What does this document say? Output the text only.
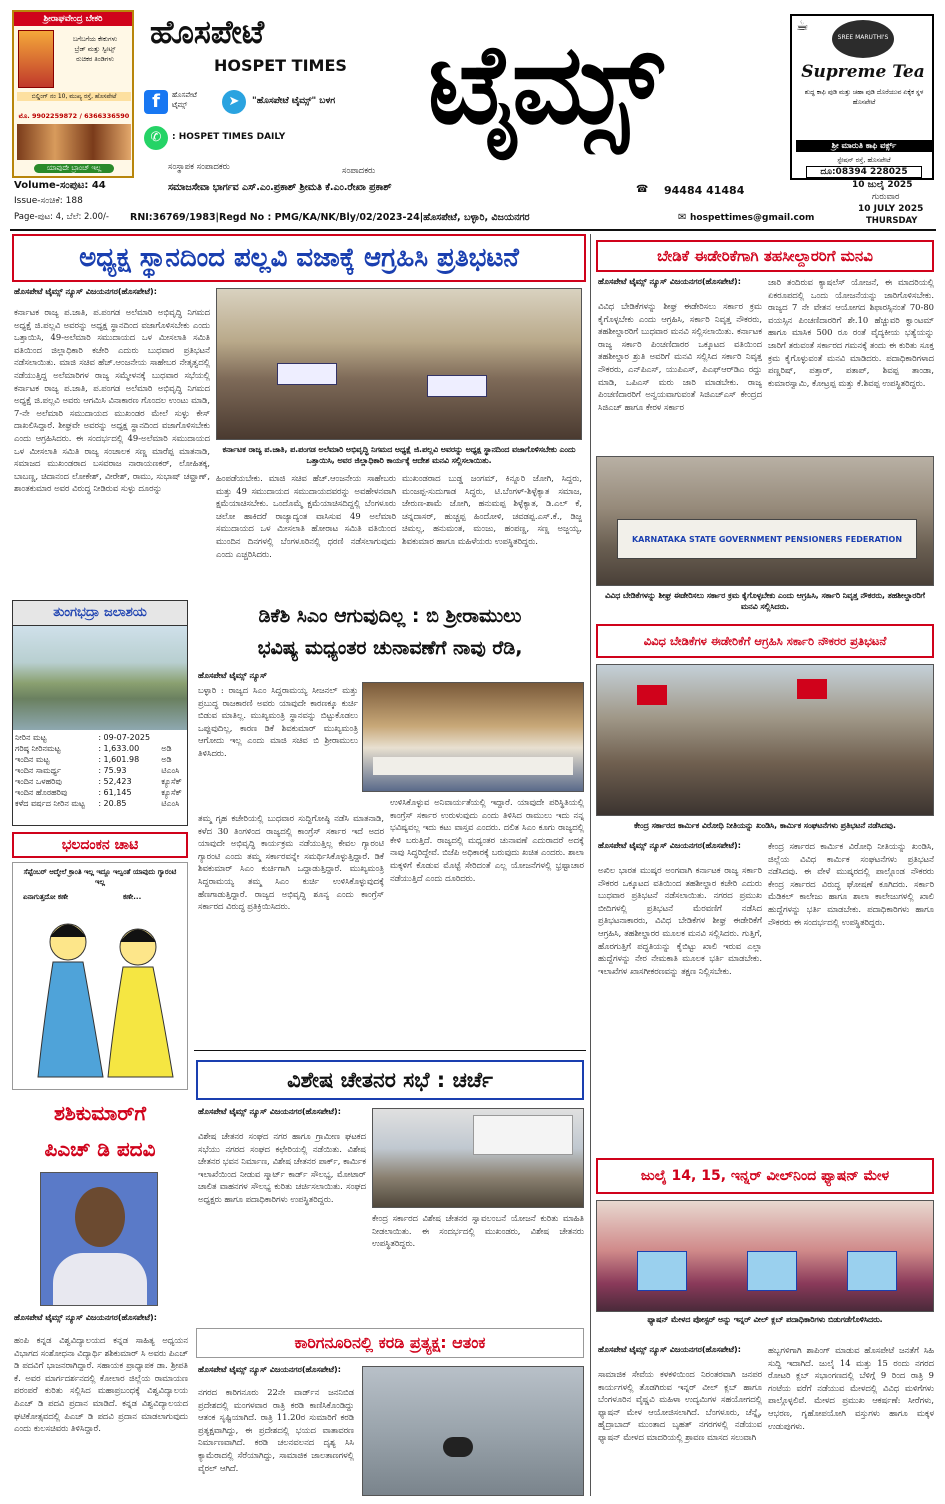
ಶ್ರೀರಾಘವೇಂದ್ರ ಬೇಕರಿ
ಬಗೆಬಗೆಯ ಕೇಕುಗಳು
ಬ್ರೆಡ್ ಮತ್ತು ಸ್ವೀಟ್ಸ್
ರುಚಿಕರ ತಿಂಡಿಗಳು
ಬಿಲ್ಡಿಂಗ್ ನಂ 10, ಮುಖ್ಯ ರಸ್ತೆ, ಹೊಸಪೇಟೆ
ಮೊ. 9902259872 / 6366336590
ಯಾವುದೇ ಬ್ರಾಂಚ್ ಇಲ್ಲ
ಹೊಸಪೇಟೆ
HOSPET TIMES ಟೈಮ್ಸ್
f	ಹೊಸಪೇಟೆ ಟೈಮ್ಸ್	➤	"ಹೊಸಪೇಟೆ ಟೈಮ್ಸ್" ಬಳಗ
✆	: HOSPET TIMES DAILY
☕
SREE MARUTHI'S
Supreme Tea
ಶುದ್ಧ ಕಾಫಿ ಪುಡಿ ಮತ್ತು ಚಹಾ ಪುಡಿ ದೊರೆಯುವ ಏಕೈಕ ಸ್ಥಳ ಹೊಸಪೇಟೆ
ಶ್ರೀ ಮಾರುತಿ ಕಾಫಿ ವರ್ಕ್ಸ್
ಸ್ಟೇಷನ್ ರಸ್ತೆ, ಹೊಸಪೇಟೆ
ದೂ:08394 228025
ಸಂಸ್ಥಾಪಕ ಸಂಪಾದಕರು	ಸಂಪಾದಕರು
Volume-ಸಂಪುಟ: 44	ಸಮಾಜಸೇವಾ ಭಾರ್ಗವ ಎಸ್.ಎಂ.ಪ್ರಕಾಶ್ ಶ್ರೀಮತಿ ಕೆ.ಎಂ.ರೇಖಾ ಪ್ರಕಾಶ್	☎ 94484 41484	10 ಜುಲೈ 2025
Issue-ಸಂಚಿಕೆ: 188	ಗುರುವಾರ
10 JULY 2025
Page-ಪುಟ: 4, ಬೆಲೆ: 2.00/- RNI:36769/1983|Regd No : PMG/KA/NK/Bly/02/2023-24|ಹೊಸಪೇಟೆ, ಬಳ್ಳಾರಿ, ವಿಜಯನಗರ	✉ hospettimes@gmail.com	THURSDAY
ಅಧ್ಯಕ್ಷ ಸ್ಥಾನದಿಂದ ಪಲ್ಲವಿ ವಜಾಕ್ಕೆ ಆಗ್ರಹಿಸಿ ಪ್ರತಿಭಟನೆ
ಹೊಸಪೇಟೆ ಟೈಮ್ಸ್ ನ್ಯೂಸ್ ವಿಜಯನಗರ(ಹೊಸಪೇಟೆ):
ಕರ್ನಾಟಕ ರಾಜ್ಯ ಪ.ಜಾತಿ, ಪ.ಪಂಗಡ ಅಲೆಮಾರಿ ಅಭಿವೃದ್ಧಿ ನಿಗಮದ ಅಧ್ಯಕ್ಷೆ ಜಿ.ಪಲ್ಲವಿ ಅವರನ್ನು ಅಧ್ಯಕ್ಷ ಸ್ಥಾನದಿಂದ ವಜಾಗೊಳಿಸಬೇಕು ಎಂದು ಒತ್ತಾಯಿಸಿ, 49-ಅಲೆಮಾರಿ ಸಮುದಾಯದ ಒಳ ಮೀಸಲಾತಿ ಸಮಿತಿ ವತಿಯಿಂದ ಜಿಲ್ಲಾಧಿಕಾರಿ ಕಚೇರಿ ಎದುರು ಬುಧವಾರ ಪ್ರತಿಭಟನೆ ನಡೆಸಲಾಯಿತು. ಮಾಜಿ ಸಚಿವ ಹೆಚ್.ಆಂಜನೇಯ ಸಾಹೇಬರ ನೇತೃತ್ವದಲ್ಲಿ ನಡೆಯುತ್ತಿದ್ದ ಅಲೆಮಾರಿಗಳ ರಾಜ್ಯ ಸಮ್ಮೇಳನಕ್ಕೆ ಬುಧವಾರ ಸಭೆಯಲ್ಲಿ ಕರ್ನಾಟಕ ರಾಜ್ಯ ಪ.ಜಾತಿ, ಪ.ಪಂಗಡ ಅಲೆಮಾರಿ ಅಭಿವೃದ್ಧಿ ನಿಗಮದ ಅಧ್ಯಕ್ಷೆ ಜಿ.ಪಲ್ಲವಿ ಅವರು ಆಗಮಿಸಿ ವಿನಾಕಾರಣ ಗೊಂದಲ ಉಂಟು ಮಾಡಿ, 7-ನೇ ಅಲೆಮಾರಿ ಸಮುದಾಯದ ಮುಖಂಡರ ಮೇಲೆ ಸುಳ್ಳು ಕೇಸ್ ದಾಖಲಿಸಿದ್ದಾರೆ. ಶೀಘ್ರವೇ ಅವರನ್ನು ಅಧ್ಯಕ್ಷ ಸ್ಥಾನದಿಂದ ವಜಾಗೊಳಿಸಬೇಕು ಎಂದು ಆಗ್ರಹಿಸಿದರು. ಈ ಸಂದರ್ಭದಲ್ಲಿ 49-ಅಲೆಮಾರಿ ಸಮುದಾಯದ ಒಳ ಮೀಸಲಾತಿ ಸಮಿತಿ ರಾಜ್ಯ ಸಂಚಾಲಕ ಸಣ್ಣ ಮಾರೆಪ್ಪ ಮಾತನಾಡಿ, ಸಮಾಜದ ಮುಖಂಡರಾದ ಬಸವರಾಜ ನಾರಾಯಣಕರ್, ಲೋಹಿತಕ್ಕ, ಬಾಬಣ್ಣ, ಚಿದಾನಂದ ಲೋಕೇಶ್, ವೀರೇಶ್, ರಾಮು, ಸುಭಾಷ್ ಚವ್ಹಾಣ್, ಶಾಂತಕುಮಾರ ಅವರ ವಿರುದ್ಧ ನೀಡಿರುವ ಸುಳ್ಳು ದೂರನ್ನು
ಕರ್ನಾಟಕ ರಾಜ್ಯ ಪ.ಜಾತಿ, ಪ.ಪಂಗಡ ಅಲೆಮಾರಿ ಅಭಿವೃದ್ಧಿ ನಿಗಮದ ಅಧ್ಯಕ್ಷೆ ಜಿ.ಪಲ್ಲವಿ ಅವರನ್ನು ಅಧ್ಯಕ್ಷ ಸ್ಥಾನದಿಂದ ವಜಾಗೊಳಿಸಬೇಕು ಎಂದು ಒತ್ತಾಯಿಸಿ, ಅವರ ಜಿಲ್ಲಾಧಿಕಾರಿ ಕಾರ್ಯಕ್ಕೆ ಆದೇಶ ಮನವಿ ಸಲ್ಲಿಸಲಾಯಿತು.
ಹಿಂಪಡೆಯಬೇಕು. ಮಾಜಿ ಸಚಿವ ಹೆಚ್.ಆಂಜನೇಯ ಸಾಹೇಬರು ಮತ್ತು 49 ಸಮುದಾಯದ ಸಮುದಾಯದವರನ್ನು ಅವಹೇಳನವಾಗಿ ಕ್ಷಮೆಯಾಚಿಸಬೇಕು. ಒಂದೊಮ್ಮೆ ಕ್ಷಮೆಯಾಚಿಸದಿದ್ದಲ್ಲಿ ಬೆಂಗಳೂರು ಚಲೋ ಹಾಕಿದರೆ ರಾಜ್ಯಾದ್ಯಂತ ವಾಸಿಸುವ 49 ಅಲೆಮಾರಿ ಸಮುದಾಯದ ಒಳ ಮೀಸಲಾತಿ ಹೋರಾಟ ಸಮಿತಿ ವತಿಯಿಂದ ಮುಂದಿನ ದಿನಗಳಲ್ಲಿ ಬೆಂಗಳೂರಿನಲ್ಲಿ ಧರಣಿ ನಡೆಸಲಾಗುವುದು ಎಂದು ಎಚ್ಚರಿಸಿದರು.
ಮುಖಂಡರಾದ ಬುಡ್ಡ ಜಂಗಮ್, ಕಿನ್ನೂರಿ ಜೋಗಿ, ಸಿದ್ದರು, ಮಂಜಪ್ಪ-ಸುದುಗಾಡ ಸಿದ್ಧರು, ಟಿ.ಬೆಂಗಳ್-ಶಿಳ್ಳೆಕ್ಯಾತ ಸಮಾಜ, ಜೇರುಣ-ಶಾಮೆ ಜೋಗಿ, ಹನುಮಪ್ಪ ಶಿಳ್ಳೆಕ್ಯಾತ, ಡಿ.ಎಲ್ ಕೆ, ಚನ್ನದಾಸರ್, ಹುಚ್ಚಪ್ಪ ಹಿಂದೋಳಿ, ಚವಡಪ್ಪ.ಎಸ್.ಕೆ., ಡಿಜ್ಜ ಚಿಮಲ್ಲ, ಹನುಮಂತ, ಮಂಜು, ಹಂಪಣ್ಣ, ಸಣ್ಣ ಅಜ್ಜಯ್ಯ, ಶಿವಕುಮಾರ ಹಾಗೂ ಮಹಿಳೆಯರು ಉಪಸ್ಥಿತರಿದ್ದರು.
ಬೇಡಿಕೆ ಈಡೇರಿಕೆಗಾಗಿ ತಹಸೀಲ್ದಾರರಿಗೆ ಮನವಿ
ಹೊಸಪೇಟೆ ಟೈಮ್ಸ್ ನ್ಯೂಸ್ ವಿಜಯನಗರ(ಹೊಸಪೇಟೆ):
ವಿವಿಧ ಬೇಡಿಕೆಗಳನ್ನು ಶೀಘ್ರ ಈಡೇರಿಸಲು ಸರ್ಕಾರ ಕ್ರಮ ಕೈಗೊಳ್ಳಬೇಕು ಎಂದು ಆಗ್ರಹಿಸಿ, ಸರ್ಕಾರಿ ನಿವೃತ್ತ ನೌಕರರು, ತಹಶೀಲ್ದಾರರಿಗೆ ಬುಧವಾರ ಮನವಿ ಸಲ್ಲಿಸಲಾಯಿತು. ಕರ್ನಾಟಕ ರಾಜ್ಯ ಸರ್ಕಾರಿ ಪಿಂಚಣಿದಾರರ ಒಕ್ಕೂಟದ ವತಿಯಿಂದ ತಹಶೀಲ್ದಾರ ಶ್ರುತಿ ಅವರಿಗೆ ಮನವಿ ಸಲ್ಲಿಸಿದ ಸರ್ಕಾರಿ ನಿವೃತ್ತ ನೌಕರರು, ಎನ್‌ಪಿಎಸ್, ಯುಪಿಎಸ್, ಪಿಎಫ್‌ಆರ್‌ಡಿಎ ರದ್ದು ಮಾಡಿ, ಒಪಿಎಸ್ ಮರು ಜಾರಿ ಮಾಡಬೇಕು. ರಾಜ್ಯ ಪಿಂಚಣಿದಾರರಿಗೆ ಅನ್ವಯವಾಗುವಂತೆ ಸಿಜಿಎಚ್‌ಎಸ್ ಕೇಂದ್ರದ ಸಿಜಿಎಚ್ ಹಾಗೂ ಕೇರಳ ಸರ್ಕಾರ
ಜಾರಿ ತಂದಿರುವ ಕ್ಯಾಷಲೆಸ್ ಯೋಜನೆ, ಈ ಮಾದರಿಯಲ್ಲಿ ಏಕರೂಪದಲ್ಲಿ ಒಂದು ಯೋಜನೆಯನ್ನು ಜಾರಿಗೊಳಿಸಬೇಕು. ರಾಜ್ಯದ 7 ನೇ ವೇತನ ಆಯೋಗದ ಶಿಫಾರಸ್ಸಿನಂತೆ 70-80 ವಯಸ್ಸಿನ ಪಿಂಚಣಿದಾರರಿಗೆ ಶೇ.10 ಹೆಚ್ಚುವರಿ ಕ್ವಾಂಟಮ್ ಹಾಗೂ ಮಾಸಿಕ 500 ರೂ ರಂತೆ ವೈದ್ಯಕೀಯ ಭತ್ಯೆಯನ್ನು ಜಾರಿಗೆ ತರುವಂತೆ ಸರ್ಕಾರದ ಗಮನಕ್ಕೆ ತಂದು ಈ ಕುರಿತು ಸೂಕ್ತ ಕ್ರಮ ಕೈಗೊಳ್ಳುವಂತೆ ಮನವಿ ಮಾಡಿದರು. ಪದಾಧಿಕಾರಿಗಳಾದ ಪಣ್ಣರಿಷ್, ಪತ್ತಾರ್, ಪತಾಪ್, ಶಿವಪ್ಪ ತಾಂಡಾ, ಕುಮಾರಸ್ವಾಮಿ, ಕೋಟ್ರಪ್ಪ ಮತ್ತು ಕೆ.ಶಿವಪ್ಪ ಉಪಸ್ಥಿತರಿದ್ದರು.
KARNATAKA STATE GOVERNMENT PENSIONERS FEDERATION
ವಿವಿಧ ಬೇಡಿಕೆಗಳನ್ನು ಶೀಘ್ರ ಈಡೇರಿಸಲು ಸರ್ಕಾರ ಕ್ರಮ ಕೈಗೊಳ್ಳಬೇಕು ಎಂದು ಆಗ್ರಹಿಸಿ, ಸರ್ಕಾರಿ ನಿವೃತ್ತ ನೌಕರರು, ತಹಶೀಲ್ದಾರರಿಗೆ ಮನವಿ ಸಲ್ಲಿಸಿದರು.
ವಿವಿಧ ಬೇಡಿಕೆಗಳ ಈಡೇರಿಕೆಗೆ ಆಗ್ರಹಿಸಿ ಸರ್ಕಾರಿ ನೌಕರರ ಪ್ರತಿಭಟನೆ
ಕೇಂದ್ರ ಸರ್ಕಾರದ ಕಾರ್ಮಿಕ ವಿರೋಧಿ ನೀತಿಯನ್ನು ಖಂಡಿಸಿ, ಕಾರ್ಮಿಕ ಸಂಘಟನೆಗಳು ಪ್ರತಿಭಟನೆ ನಡೆಸಿದವು.
ಹೊಸಪೇಟೆ ಟೈಮ್ಸ್ ನ್ಯೂಸ್ ವಿಜಯನಗರ(ಹೊಸಪೇಟೆ):
ಅಖಿಲ ಭಾರತ ಮುಷ್ಕರ ಅಂಗವಾಗಿ ಕರ್ನಾಟಕ ರಾಜ್ಯ ಸರ್ಕಾರಿ ನೌಕರರ ಒಕ್ಕೂಟದ ವತಿಯಿಂದ ತಹಶೀಲ್ದಾರ ಕಚೇರಿ ಎದುರು ಬುಧವಾರ ಪ್ರತಿಭಟನೆ ನಡೆಸಲಾಯಿತು. ನಗರದ ಪ್ರಮುಖ ಬೀದಿಗಳಲ್ಲಿ ಪ್ರತಿಭಟನೆ ಮೆರವಣಿಗೆ ನಡೆಸಿದ ಪ್ರತಿಭಟನಾಕಾರರು, ವಿವಿಧ ಬೇಡಿಕೆಗಳ ಶೀಘ್ರ ಈಡೇರಿಕೆಗೆ ಆಗ್ರಹಿಸಿ, ತಹಶೀಲ್ದಾರರ ಮೂಲಕ ಮನವಿ ಸಲ್ಲಿಸಿದರು. ಗುತ್ತಿಗೆ, ಹೊರಗುತ್ತಿಗೆ ಪದ್ಧತಿಯನ್ನು ಕೈಬಿಟ್ಟು ಖಾಲಿ ಇರುವ ಎಲ್ಲಾ ಹುದ್ದೆಗಳನ್ನು ನೇರ ನೇಮಕಾತಿ ಮೂಲಕ ಭರ್ತಿ ಮಾಡಬೇಕು. ಇಲಾಖೆಗಳ ಖಾಸಗೀಕರಣವನ್ನು ತಕ್ಷಣ ನಿಲ್ಲಿಸಬೇಕು.
ಕೇಂದ್ರ ಸರ್ಕಾರದ ಕಾರ್ಮಿಕ ವಿರೋಧಿ ನೀತಿಯನ್ನು ಖಂಡಿಸಿ, ಜಿಲ್ಲೆಯ ವಿವಿಧ ಕಾರ್ಮಿಕ ಸಂಘಟನೆಗಳು ಪ್ರತಿಭಟನೆ ನಡೆಸಿದವು. ಈ ವೇಳೆ ಮುಷ್ಕರದಲ್ಲಿ ಪಾಲ್ಗೊಂಡ ನೌಕರರು ಕೇಂದ್ರ ಸರ್ಕಾರದ ವಿರುದ್ಧ ಘೋಷಣೆ ಕೂಗಿದರು. ಸರ್ಕಾರಿ ಮೆಡಿಕಲ್ ಕಾಲೇಜು ಹಾಗೂ ಶಾಲಾ ಕಾಲೇಜುಗಳಲ್ಲಿ ಖಾಲಿ ಹುದ್ದೆಗಳನ್ನು ಭರ್ತಿ ಮಾಡಬೇಕು. ಪದಾಧಿಕಾರಿಗಳು ಹಾಗೂ ನೌಕರರು ಈ ಸಂದರ್ಭದಲ್ಲಿ ಉಪಸ್ಥಿತರಿದ್ದರು.
ಜುಲೈ 14, 15, ಇನ್ನರ್ ವೀಲ್‌ನಿಂದ ಫ್ಯಾಷನ್ ಮೇಳ
ಫ್ಯಾಷನ್ ಮೇಳದ ಪೋಸ್ಟರ್ ಅನ್ನು ಇನ್ನರ್ ವೀಲ್ ಕ್ಲಬ್ ಪದಾಧಿಕಾರಿಗಳು ಬಿಡುಗಡೆಗೊಳಿಸಿದರು.
ಹೊಸಪೇಟೆ ಟೈಮ್ಸ್ ನ್ಯೂಸ್ ವಿಜಯನಗರ(ಹೊಸಪೇಟೆ):
ಸಾಮಾಜಿಕ ಸೇವೆಯ ಕಳಕಳಿಯಿಂದ ನಿರಂತರವಾಗಿ ಜನಪರ ಕಾರ್ಯಗಳಲ್ಲಿ ತೊಡಗಿರುವ ಇನ್ನರ್ ವೀಲ್ ಕ್ಲಬ್ ಹಾಗೂ ಬೆಂಗಳೂರಿನ ವೈಷ್ಣವಿ ಮಹಿಳಾ ಉದ್ಯಮಿಗಳ ಸಹಯೋಗದಲ್ಲಿ ಫ್ಯಾಷನ್ ಮೇಳ ಆಯೋಜಿಸಲಾಗಿದೆ. ಬೆಂಗಳೂರು, ಚೆನ್ನೈ, ಹೈದ್ರಾಬಾದ್ ಮುಂತಾದ ಬೃಹತ್ ನಗರಗಳಲ್ಲಿ ನಡೆಯುವ ಫ್ಯಾಷನ್ ಮೇಳದ ಮಾದರಿಯಲ್ಲಿ ಶ್ರಾವಣ ಮಾಸದ ಸಲುವಾಗಿ
ಹಬ್ಬಗಳಿಗಾಗಿ ಶಾಪಿಂಗ್ ಮಾಡುವ ಹೊಸಪೇಟೆ ಜನತೆಗೆ ಸಿಹಿ ಸುದ್ದಿ ಇದಾಗಿದೆ. ಜುಲೈ 14 ಮತ್ತು 15 ರಂದು ನಗರದ ರೋಟರಿ ಕ್ಲಬ್ ಸಭಾಂಗಣದಲ್ಲಿ ಬೆಳಿಗ್ಗೆ 9 ರಿಂದ ರಾತ್ರಿ 9 ಗಂಟೆಯ ವರೆಗೆ ನಡೆಯುವ ಮೇಳದಲ್ಲಿ ವಿವಿಧ ಮಳಿಗೆಗಳು ಪಾಲ್ಗೊಳ್ಳಲಿವೆ. ಮೇಳದ ಪ್ರಮುಖ ಆಕರ್ಷಣೆ: ಸೀರೆಗಳು, ಆಭರಣ, ಗೃಹೋಪಯೋಗಿ ವಸ್ತುಗಳು ಹಾಗೂ ಮಕ್ಕಳ ಉಡುಪುಗಳು.
ತುಂಗಭದ್ರಾ ಜಲಾಶಯ
ನೀರಿನ ಮಟ್ಟ	: 09-07-2025	
ಗರಿಷ್ಠ ನೀರಿನಮಟ್ಟ	: 1,633.00	ಅಡಿ
ಇಂದಿನ ಮಟ್ಟ	: 1,601.98	ಅಡಿ
ಇಂದಿನ ಸಾಮರ್ಥ್ಯ	: 75.93	ಟಿಎಂಸಿ
ಇಂದಿನ ಒಳಹರಿವು	: 52,423	ಕ್ಯೂಸೆಕ್
ಇಂದಿನ ಹೊರಹರಿವು	: 61,145	ಕ್ಯೂಸೆಕ್
ಕಳೆದ ವರ್ಷದ ನೀರಿನ ಮಟ್ಟ	: 20.85	ಟಿಎಂಸಿ
ಭಲದಂಕನ ಚಾಟಿ
ಸೆಪ್ಟೆಂಬರ್ ಆದ್ಮೇಲೆ ಕ್ರಾಂತಿ ಇಲ್ಲ ಇದ್ದೂ ಇಲ್ವಂತೆ ಯಾವುದು ಗ್ಯಾರಂಟಿ ಇಲ್ಲ
ಏನಾಗುತ್ತದೋ ಕಣೇ	ಕಣೇ...
ಡಿಕೆಶಿ ಸಿಎಂ ಆಗುವುದಿಲ್ಲ : ಬಿ ಶ್ರೀರಾಮುಲು
ಭವಿಷ್ಯ ಮಧ್ಯಂತರ ಚುನಾವಣೆಗೆ ನಾವು ರೆಡಿ,
ಹೊಸಪೇಟೆ ಟೈಮ್ಸ್ ನ್ಯೂಸ್
ಬಳ್ಳಾರಿ : ರಾಜ್ಯದ ಸಿಎಂ ಸಿದ್ದರಾಮಯ್ಯ ಸೀಜನಲ್ ಮತ್ತು ಪ್ರಬುದ್ಧ ರಾಜಕಾರಣಿ ಅವರು ಯಾವುದೇ ಕಾರಣಕ್ಕೂ ಕುರ್ಚಿ ಬಿಡುವ ಮಾತಿಲ್ಲ. ಮುಖ್ಯಮಂತ್ರಿ ಸ್ಥಾನವನ್ನು ಬಿಟ್ಟುಕೊಡಲು ಒಪ್ಪುವುದಿಲ್ಲ, ಕಾರಣ ಡಿಕೆ ಶಿವಕುಮಾರ್ ಮುಖ್ಯಮಂತ್ರಿ ಆಗೋದು ಇಲ್ಲ ಎಂದು ಮಾಜಿ ಸಚಿವ ಬಿ ಶ್ರೀರಾಮುಲು ತಿಳಿಸಿದರು.
ತಮ್ಮ ಗೃಹ ಕಚೇರಿಯಲ್ಲಿ ಬುಧವಾರ ಸುದ್ದಿಗೋಷ್ಠಿ ನಡೆಸಿ ಮಾತನಾಡಿ, ಕಳೆದ 30 ತಿಂಗಳಿಂದ ರಾಜ್ಯದಲ್ಲಿ ಕಾಂಗ್ರೆಸ್ ಸರ್ಕಾರ ಇದೆ ಅದರ ಯಾವುದೇ ಅಭಿವೃದ್ಧಿ ಕಾರ್ಯಕ್ರಮ ನಡೆಯುತ್ತಿಲ್ಲ ಕೇವಲ ಗ್ಯಾರಂಟಿ ಗ್ಯಾರಂಟಿ ಎಂದು ತಮ್ಮ ಸರ್ಕಾರವನ್ನೇ ಸಮರ್ಥಿಸಿಕೊಳ್ಳುತ್ತಿದ್ದಾರೆ. ಡಿಕೆ ಶಿವಕುಮಾರ್ ಸಿಎಂ ಕುರ್ಚಿಗಾಗಿ ಒದ್ದಾಡುತ್ತಿದ್ದಾರೆ. ಮುಖ್ಯಮಂತ್ರಿ ಸಿದ್ದರಾಮಯ್ಯ ತಮ್ಮ ಸಿಎಂ ಕುರ್ಚಿ ಉಳಿಸಿಕೊಳ್ಳುವುದಕ್ಕೆ ಹೆಣಗಾಡುತ್ತಿದ್ದಾರೆ. ರಾಜ್ಯದ ಅಭಿವೃದ್ಧಿ ಶೂನ್ಯ ಎಂದು ಕಾಂಗ್ರೆಸ್ ಸರ್ಕಾರದ ವಿರುದ್ಧ ಪ್ರತಿಕ್ರಿಯಿಸಿದರು.
ಉಳಿಸಿಕೊಳ್ಳುವ ಅನಿವಾರ್ಯತೆಯಲ್ಲಿ ಇದ್ದಾರೆ. ಯಾವುದೇ ಪರಿಸ್ಥಿತಿಯಲ್ಲಿ ಕಾಂಗ್ರೆಸ್ ಸರ್ಕಾರ ಉರುಳುವುದು ಎಂದು ತಿಳಿಸಿದ ರಾಮುಲು ಇದು ನನ್ನ ಭವಿಷ್ಯವಲ್ಲ ಇದು ಕಟು ವಾಸ್ತವ ಎಂದರು. ದಲಿತ ಸಿಎಂ ಕೂಗು ರಾಜ್ಯದಲ್ಲಿ ಕೇಳಿ ಬರುತ್ತಿದೆ. ರಾಜ್ಯದಲ್ಲಿ ಮಧ್ಯಂತರ ಚುನಾವಣೆ ಎದುರಾದರೆ ಅದಕ್ಕೆ ನಾವು ಸಿದ್ಧರಿದ್ದೇವೆ. ಬಿಜೆಪಿ ಅಧಿಕಾರಕ್ಕೆ ಬರುವುದು ಖಚಿತ ಎಂದರು. ಶಾಲಾ ಮಕ್ಕಳಿಗೆ ಕೊಡುವ ಮೊಟ್ಟೆ ಸೇರಿದಂತೆ ಎಲ್ಲ ಯೋಜನೆಗಳಲ್ಲಿ ಭ್ರಷ್ಟಾಚಾರ ನಡೆಯುತ್ತಿದೆ ಎಂದು ದೂರಿದರು.
ಶಶಿಕುಮಾರ್‌ಗೆ
ಪಿಎಚ್ ಡಿ ಪದವಿ
ಹೊಸಪೇಟೆ ಟೈಮ್ಸ್ ನ್ಯೂಸ್ ವಿಜಯನಗರ(ಹೊಸಪೇಟೆ):
ಹಂಪಿ ಕನ್ನಡ ವಿಶ್ವವಿದ್ಯಾಲಯದ ಕನ್ನಡ ಸಾಹಿತ್ಯ ಅಧ್ಯಯನ ವಿಭಾಗದ ಸಂಶೋಧನಾ ವಿದ್ಯಾರ್ಥಿ ಶಶಿಕುಮಾರ್ ಸಿ ಅವರು ಪಿಎಚ್ ಡಿ ಪದವಿಗೆ ಭಾಜನರಾಗಿದ್ದಾರೆ. ಸಹಾಯಕ ಪ್ರಾಧ್ಯಾಪಕ ಡಾ. ಶ್ರೀಪತಿ ಕೆ. ಅವರ ಮಾರ್ಗದರ್ಶನದಲ್ಲಿ ಕೋಲಾರ ಜಿಲ್ಲೆಯ ರಾಮಾಯಣ ಪರಂಪರೆ ಕುರಿತು ಸಲ್ಲಿಸಿದ ಮಹಾಪ್ರಬಂಧಕ್ಕೆ ವಿಶ್ವವಿದ್ಯಾಲಯ ಪಿಎಚ್ ಡಿ ಪದವಿ ಪ್ರದಾನ ಮಾಡಿದೆ. ಕನ್ನಡ ವಿಶ್ವವಿದ್ಯಾಲಯದ ಘಟಿಕೋತ್ಸವದಲ್ಲಿ ಪಿಎಚ್ ಡಿ ಪದವಿ ಪ್ರದಾನ ಮಾಡಲಾಗುವುದು ಎಂದು ಕುಲಸಚಿವರು ತಿಳಿಸಿದ್ದಾರೆ.
ವಿಶೇಷ ಚೇತನರ ಸಭೆ : ಚರ್ಚೆ
ಹೊಸಪೇಟೆ ಟೈಮ್ಸ್ ನ್ಯೂಸ್ ವಿಜಯನಗರ(ಹೊಸಪೇಟೆ):
ವಿಶೇಷ ಚೇತನರ ಸಂಘದ ನಗರ ಹಾಗೂ ಗ್ರಾಮೀಣ ಘಟಕದ ಸಭೆಯು ನಗರದ ಸಂಘದ ಕಛೇರಿಯಲ್ಲಿ ನಡೆಯಿತು. ವಿಶೇಷ ಚೇತನರ ಭವನ ನಿರ್ಮಾಣ, ವಿಶೇಷ ಚೇತನರ ಪಾರ್ಕ್, ಕಾರ್ಮಿಕ ಇಲಾಖೆಯಿಂದ ನೀಡುವ ಸ್ಮಾರ್ಟ್ ಕಾರ್ಡ್ ಸೌಲಭ್ಯ, ಮೋಟಾರ್ ಚಾಲಿತ ವಾಹನಗಳ ಸೌಲಭ್ಯ ಕುರಿತು ಚರ್ಚಿಸಲಾಯಿತು. ಸಂಘದ ಅಧ್ಯಕ್ಷರು ಹಾಗೂ ಪದಾಧಿಕಾರಿಗಳು ಉಪಸ್ಥಿತರಿದ್ದರು.
ಕೇಂದ್ರ ಸರ್ಕಾರದ ವಿಶೇಷ ಚೇತನರ ಸ್ವಾವಲಂಬನೆ ಯೋಜನೆ ಕುರಿತು ಮಾಹಿತಿ ನೀಡಲಾಯಿತು. ಈ ಸಂದರ್ಭದಲ್ಲಿ ಮುಖಂಡರು, ವಿಶೇಷ ಚೇತನರು ಉಪಸ್ಥಿತರಿದ್ದರು.
ಕಾರಿಗನೂರಿನಲ್ಲಿ ಕರಡಿ ಪ್ರತ್ಯಕ್ಷ: ಆತಂಕ
ಹೊಸಪೇಟೆ ಟೈಮ್ಸ್ ನ್ಯೂಸ್ ವಿಜಯನಗರ(ಹೊಸಪೇಟೆ):
ನಗರದ ಕಾರಿಗನೂರು 22ನೇ ವಾರ್ಡ್‌ನ ಜನನಿಬಿಡ ಪ್ರದೇಶದಲ್ಲಿ ಮಂಗಳವಾರ ರಾತ್ರಿ ಕರಡಿ ಕಾಣಿಸಿಕೊಂಡಿದ್ದು ಆತಂಕ ಸೃಷ್ಟಿಯಾಗಿದೆ. ರಾತ್ರಿ 11.20ರ ಸುಮಾರಿಗೆ ಕರಡಿ ಪ್ರತ್ಯಕ್ಷವಾಗಿದ್ದು, ಈ ಪ್ರದೇಶದಲ್ಲಿ ಭಯದ ವಾತಾವರಣ ನಿರ್ಮಾಣವಾಗಿದೆ. ಕರಡಿ ಚಲನವಲನದ ದೃಶ್ಯ ಸಿಸಿ ಕ್ಯಾಮೆರಾದಲ್ಲಿ ಸೆರೆಯಾಗಿದ್ದು, ಸಾಮಾಜಿಕ ಜಾಲತಾಣಗಳಲ್ಲಿ ವೈರಲ್ ಆಗಿದೆ.
